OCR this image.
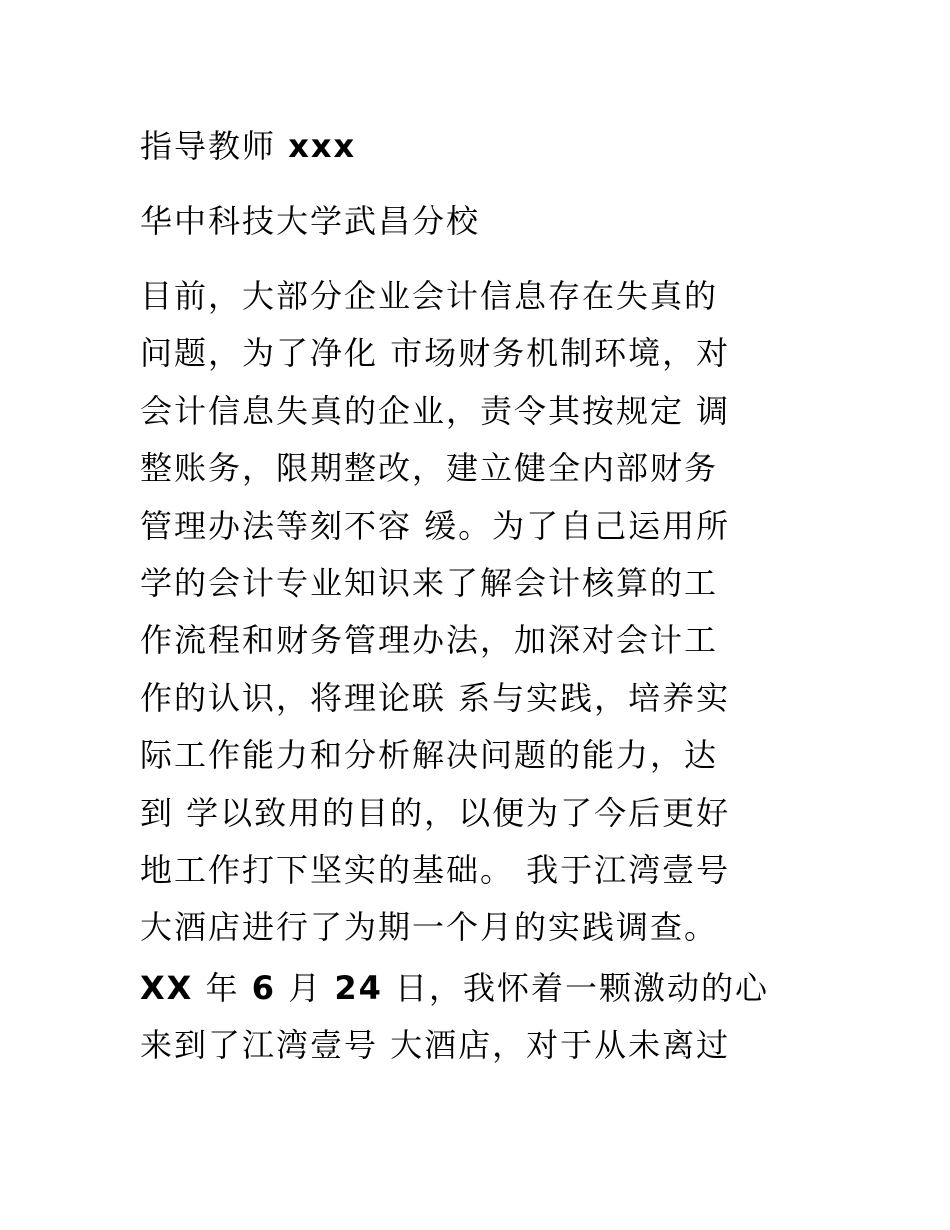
指导教师 xxx

华中科技大学武昌分校

目前，大部分企业会计信息存在失真的
问题，为了净化 市场财务机制环境，对
会计信息失真的企业，责令其按规定 调
整账务，限期整改，建立健全内部财务
管理办法等刻不容 缓。为了自己运用所
学的会计专业知识来了解会计核算的工
作流程和财务管理办法，加深对会计工
作的认识，将理论联 系与实践，培养实
际工作能力和分析解决问题的能力，达
到 学以致用的目的，以便为了今后更好
地工作打下坚实的基础。 我于江湾壹号
大酒店进行了为期一个月的实践调查。

XX 年 6 月 24 日，我怀着一颗激动的心
来到了江湾壹号 大酒店，对于从未离过
